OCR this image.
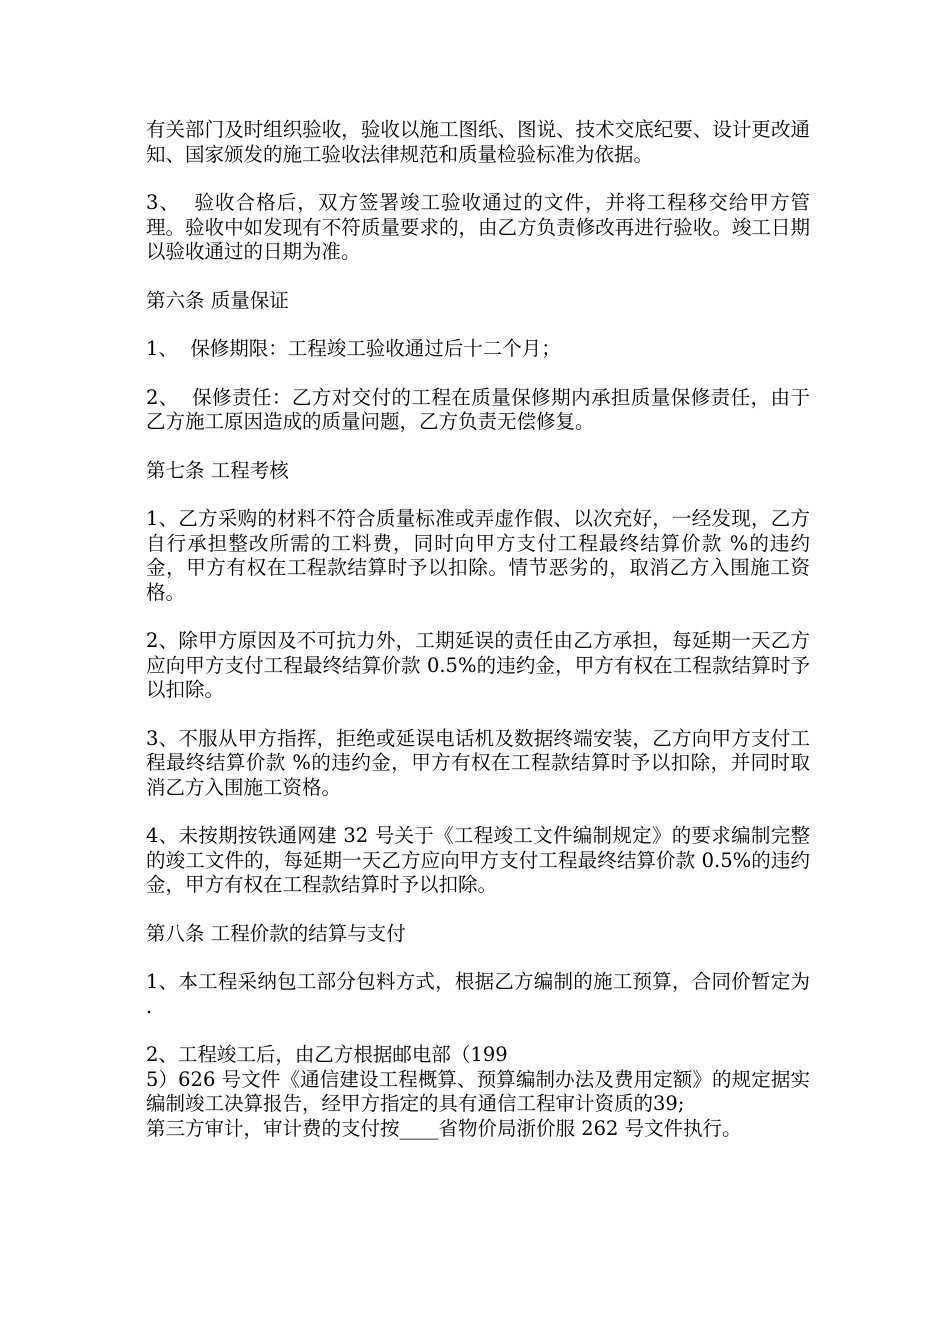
有关部门及时组织验收，验收以施工图纸、图说、技术交底纪要、设计更改通知、国家颁发的施工验收法律规范和质量检验标准为依据。

3、  验收合格后，双方签署竣工验收通过的文件，并将工程移交给甲方管理。验收中如发现有不符质量要求的，由乙方负责修改再进行验收。竣工日期以验收通过的日期为准。

第六条 质量保证

1、  保修期限：工程竣工验收通过后十二个月；

2、  保修责任：乙方对交付的工程在质量保修期内承担质量保修责任，由于乙方施工原因造成的质量问题，乙方负责无偿修复。

第七条 工程考核

1、乙方采购的材料不符合质量标准或弄虚作假、以次充好，一经发现，乙方自行承担整改所需的工料费，同时向甲方支付工程最终结算价款 %的违约金，甲方有权在工程款结算时予以扣除。情节恶劣的，取消乙方入围施工资格。

2、除甲方原因及不可抗力外，工期延误的责任由乙方承担，每延期一天乙方应向甲方支付工程最终结算价款 0.5%的违约金，甲方有权在工程款结算时予以扣除。

3、不服从甲方指挥，拒绝或延误电话机及数据终端安装，乙方向甲方支付工程最终结算价款 %的违约金，甲方有权在工程款结算时予以扣除，并同时取消乙方入围施工资格。

4、未按期按铁通网建 32 号关于《工程竣工文件编制规定》的要求编制完整的竣工文件的，每延期一天乙方应向甲方支付工程最终结算价款 0.5%的违约金，甲方有权在工程款结算时予以扣除。

第八条 工程价款的结算与支付

1、本工程采纳包工部分包料方式，根据乙方编制的施工预算，合同价暂定为 .

2、工程竣工后，由乙方根据邮电部（199

5）626 号文件《通信建设工程概算、预算编制办法及费用定额》的规定据实编制竣工决算报告，经甲方指定的具有通信工程审计资质的39;

第三方审计，审计费的支付按____省物价局浙价服 262 号文件执行。
